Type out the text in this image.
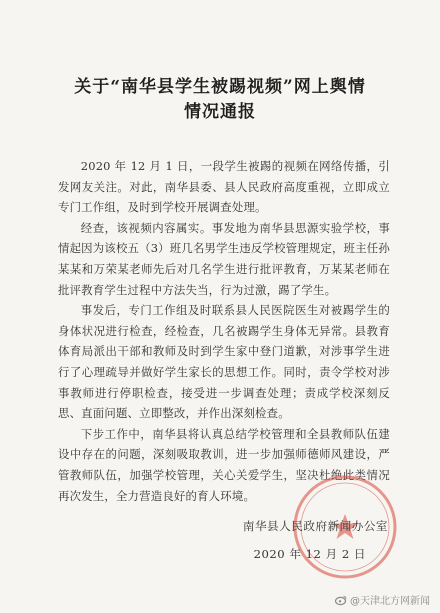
关于“南华县学生被踢视频”网上舆情
情况通报

2020 年 12 月 1 日，一段学生被踢的视频在网络传播，引发网友关注。对此，南华县委、县人民政府高度重视，立即成立专门工作组，及时到学校开展调查处理。

经查，该视频内容属实。事发地为南华县思源实验学校，事情起因为该校五（3）班几名男学生违反学校管理规定，班主任孙某某和万荣某老师先后对几名学生进行批评教育，万某某老师在批评教育学生过程中方法失当，行为过激，踢了学生。

事发后，专门工作组及时联系县人民医院医生对被踢学生的身体状况进行检查，经检查，几名被踢学生身体无异常。县教育体育局派出干部和教师及时到学生家中登门道歉，对涉事学生进行了心理疏导并做好学生家长的思想工作。同时，责令学校对涉事教师进行停职检查，接受进一步调查处理；责成学校深刻反思、直面问题、立即整改，并作出深刻检查。

下步工作中，南华县将认真总结学校管理和全县教师队伍建设中存在的问题，深刻吸取教训，进一步加强师德师风建设，严管教师队伍，加强学校管理，关心关爱学生，坚决杜绝此类情况再次发生，全力营造良好的育人环境。

南华县人民政府新闻办公室
2020 年 12 月 2 日
@天津北方网新闻
